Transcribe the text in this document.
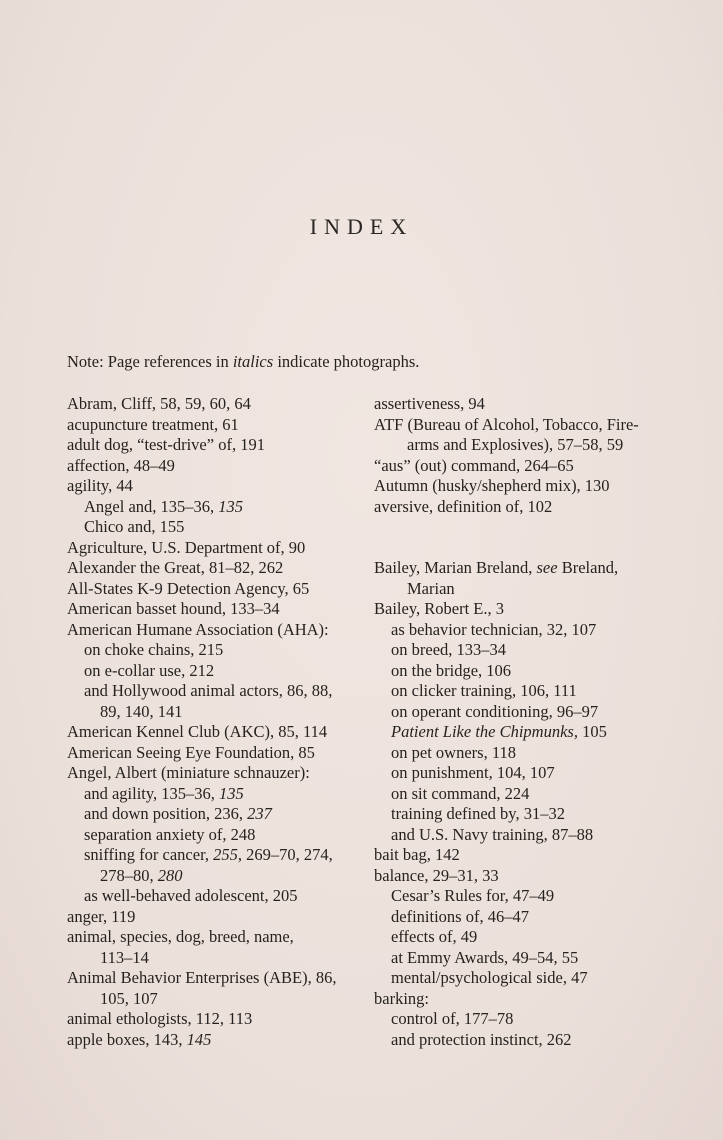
INDEX
Note: Page references in italics indicate photographs.
Abram, Cliff, 58, 59, 60, 64
acupuncture treatment, 61
adult dog, “test-drive” of, 191
affection, 48–49
agility, 44
Angel and, 135–36, 135
Chico and, 155
Agriculture, U.S. Department of, 90
Alexander the Great, 81–82, 262
All-States K-9 Detection Agency, 65
American basset hound, 133–34
American Humane Association (AHA):
on choke chains, 215
on e-collar use, 212
and Hollywood animal actors, 86, 88,
89, 140, 141
American Kennel Club (AKC), 85, 114
American Seeing Eye Foundation, 85
Angel, Albert (miniature schnauzer):
and agility, 135–36, 135
and down position, 236, 237
separation anxiety of, 248
sniffing for cancer, 255, 269–70, 274,
278–80, 280
as well-behaved adolescent, 205
anger, 119
animal, species, dog, breed, name,
113–14
Animal Behavior Enterprises (ABE), 86,
105, 107
animal ethologists, 112, 113
apple boxes, 143, 145
assertiveness, 94
ATF (Bureau of Alcohol, Tobacco, Fire-
arms and Explosives), 57–58, 59
“aus” (out) command, 264–65
Autumn (husky/shepherd mix), 130
aversive, definition of, 102
Bailey, Marian Breland, see Breland,
Marian
Bailey, Robert E., 3
as behavior technician, 32, 107
on breed, 133–34
on the bridge, 106
on clicker training, 106, 111
on operant conditioning, 96–97
Patient Like the Chipmunks, 105
on pet owners, 118
on punishment, 104, 107
on sit command, 224
training defined by, 31–32
and U.S. Navy training, 87–88
bait bag, 142
balance, 29–31, 33
Cesar’s Rules for, 47–49
definitions of, 46–47
effects of, 49
at Emmy Awards, 49–54, 55
mental/psychological side, 47
barking:
control of, 177–78
and protection instinct, 262
